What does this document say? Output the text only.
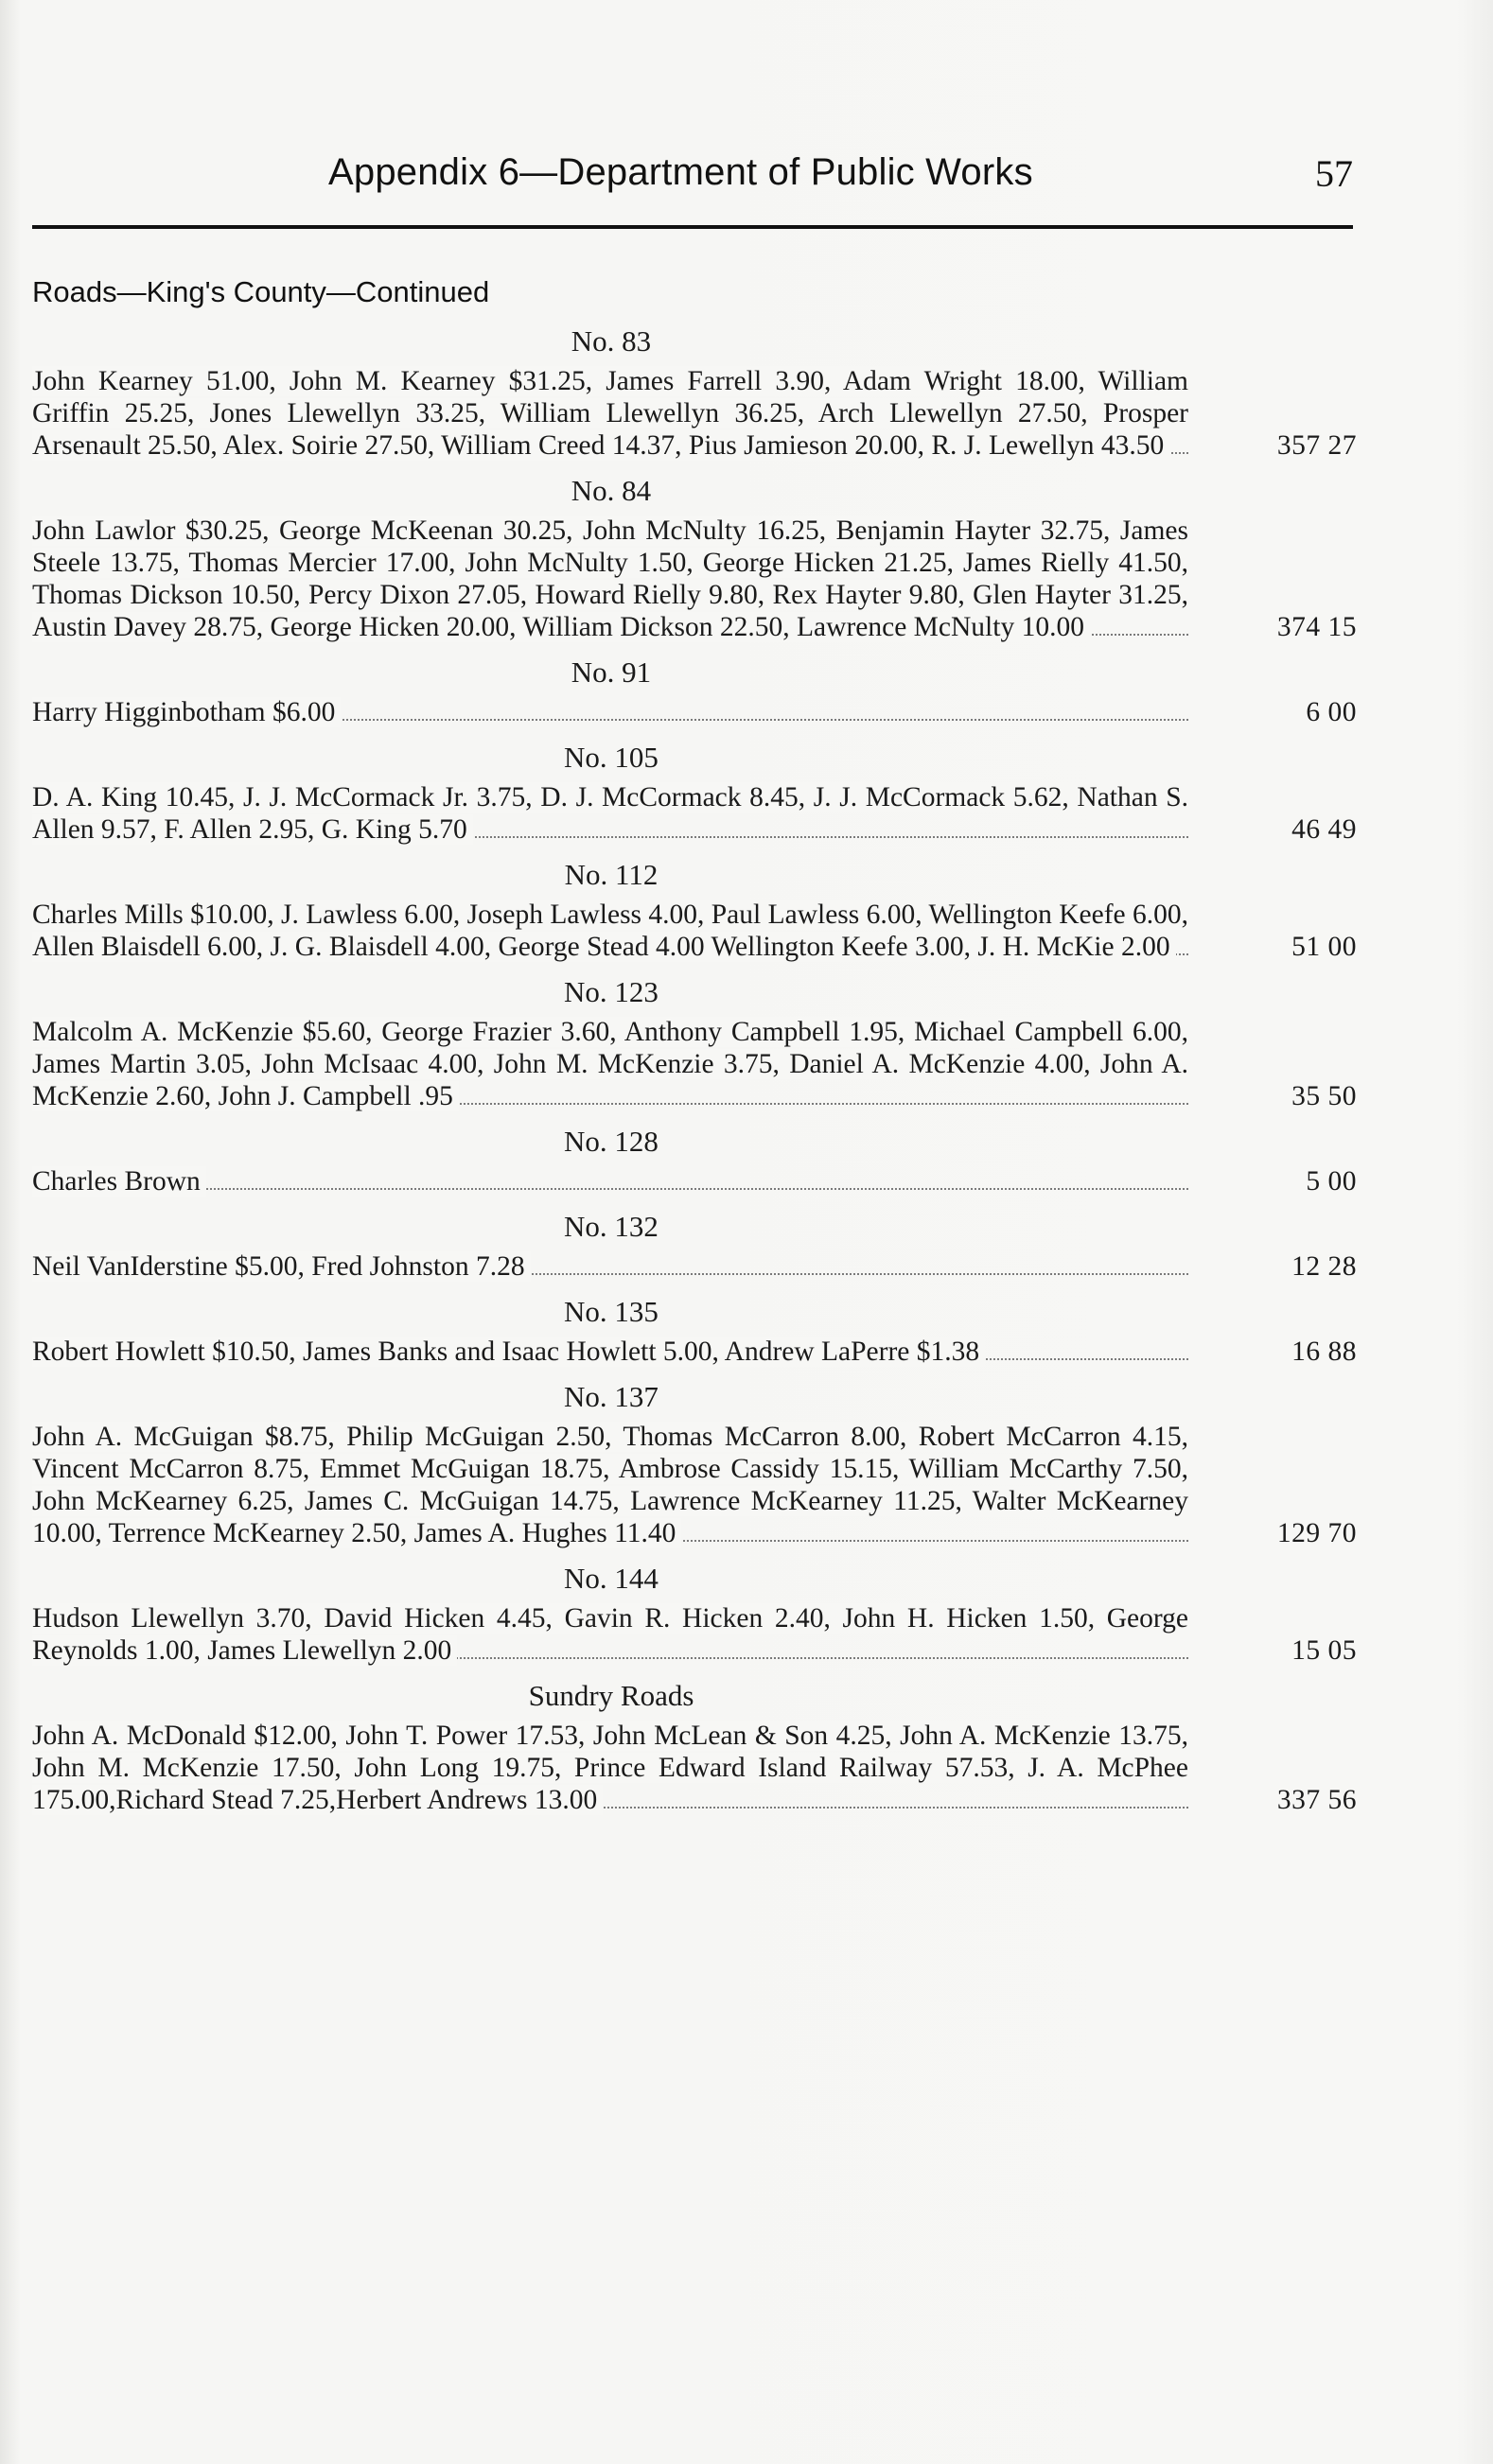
Appendix 6—Department of Public Works	57
Roads—King's County—Continued
No. 83
John Kearney 51.00, John M. Kearney $31.25, James Farrell 3.90, Adam Wright 18.00, William Griffin 25.25, Jones Llewellyn 33.25, William Llewellyn 36.25, Arch Llewellyn 27.50, Prosper Arsenault 25.50, Alex. Soirie 27.50, William Creed 14.37, Pius Jamieson 20.00, R. J. Lewellyn 43.50	357 27
No. 84
John Lawlor $30.25, George McKeenan 30.25, John McNulty 16.25, Benjamin Hayter 32.75, James Steele 13.75, Thomas Mercier 17.00, John McNulty 1.50, George Hicken 21.25, James Rielly 41.50, Thomas Dickson 10.50, Percy Dixon 27.05, Howard Rielly 9.80, Rex Hayter 9.80, Glen Hayter 31.25, Austin Davey 28.75, George Hicken 20.00, William Dickson 22.50, Lawrence McNulty 10.00	374 15
No. 91
Harry Higginbotham $6.00	6 00
No. 105
D. A. King 10.45, J. J. McCormack Jr. 3.75, D. J. McCormack 8.45, J. J. McCormack 5.62, Nathan S. Allen 9.57, F. Allen 2.95, G. King 5.70	46 49
No. 112
Charles Mills $10.00, J. Lawless 6.00, Joseph Lawless 4.00, Paul Lawless 6.00, Wellington Keefe 6.00, Allen Blaisdell 6.00, J. G. Blaisdell 4.00, George Stead 4.00 Wellington Keefe 3.00, J. H. McKie 2.00	51 00
No. 123
Malcolm A. McKenzie $5.60, George Frazier 3.60, Anthony Campbell 1.95, Michael Campbell 6.00, James Martin 3.05, John McIsaac 4.00, John M. McKenzie 3.75, Daniel A. McKenzie 4.00, John A. McKenzie 2.60, John J. Campbell .95	35 50
No. 128
Charles Brown	5 00
No. 132
Neil VanIderstine $5.00, Fred Johnston 7.28	12 28
No. 135
Robert Howlett $10.50, James Banks and Isaac Howlett 5.00, Andrew LaPerre $1.38	16 88
No. 137
John A. McGuigan $8.75, Philip McGuigan 2.50, Thomas McCarron 8.00, Robert McCarron 4.15, Vincent McCarron 8.75, Emmet McGuigan 18.75, Ambrose Cassidy 15.15, William McCarthy 7.50, John McKearney 6.25, James C. McGuigan 14.75, Lawrence McKearney 11.25, Walter McKearney 10.00, Terrence McKearney 2.50, James A. Hughes 11.40	129 70
No. 144
Hudson Llewellyn 3.70, David Hicken 4.45, Gavin R. Hicken 2.40, John H. Hicken 1.50, George Reynolds 1.00, James Llewellyn 2.00	15 05
Sundry Roads
John A. McDonald $12.00, John T. Power 17.53, John McLean & Son 4.25, John A. McKenzie 13.75, John M. McKenzie 17.50, John Long 19.75, Prince Edward Island Railway 57.53, J. A. McPhee 175.00,Richard Stead 7.25,Herbert Andrews 13.00	337 56
